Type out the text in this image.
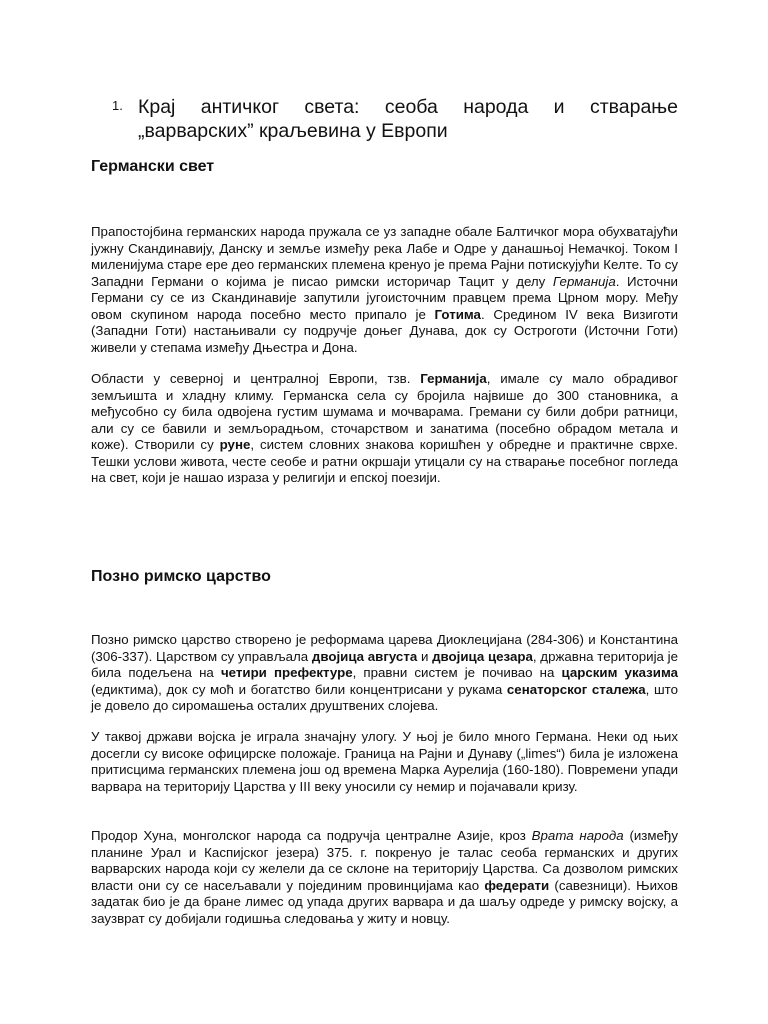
1. Крај античког света: сеоба народа и стварање „варварских” краљевина у Европи
Германски свет

Прапостојбина германских народа пружала се уз западне обале Балтичког мора обухватајући јужну Скандинавију, Данску и земље између река Лабе и Одре у данашњој Немачкој. Током I миленијума старе ере део германских племена кренуо је према Рајни потискујући Келте. То су Западни Германи о којима је писао римски историчар Тацит у делу Германија. Источни Германи су се из Скандинавије запутили југоисточним правцем према Црном мору. Међу овом скупином народа посебно место припало је Готима. Средином IV века Визиготи (Западни Готи) настањивали су подручје доњег Дунава, док су Остроготи (Источни Готи) живели у степама између Дњестра и Дона.

Области у северној и централној Европи, тзв. Германија, имале су мало обрадивог земљишта и хладну климу. Германска села су бројила највише до 300 становника, а међусобно су била одвојена густим шумама и мочварама. Гремани су били добри ратници, али су се бавили и земљорадњом, сточарством и занатима (посебно обрадом метала и коже). Створили су руне, систем словних знакова коришћен у обредне и практичне сврхе. Тешки услови живота, честе сеобе и ратни окршаји утицали су на стварање посебног погледа на свет, који је нашао израза у религији и епској поезији.

Позно римско царство

Позно римско царство створено је реформама царева Диоклецијана (284-306) и Константина (306-337). Царством су управљала двојица августа и двојица цезара, државна територија је била подељена на четири префектуре, правни систем је почивао на царским указима (едиктима), док су моћ и богатство били концентрисани у рукама сенаторског сталежа, што је довело до сиромашења осталих друштвених слојева.

У таквој држави војска је играла значајну улогу. У њој је било много Германа. Неки од њих досегли су високе официрске положаје. Граница на Рајни и Дунаву („limes“) била је изложена притисцима германских племена још од времена Марка Аурелија (160-180). Повремени упади варвара на територију Царства у III веку уносили су немир и појачавали кризу.

Продор Хуна, монголског народа са подручја централне Азије, кроз Врата народа (између планине Урал и Каспијског језера) 375. г. покренуо је талас сеоба германских и других варварских народа који су желели да се склоне на територију Царства. Са дозволом римских власти они су се насељавали у појединим провинцијама као федерати (савезници). Њихов задатак био је да бране лимес од упада других варвара и да шаљу одреде у римску војску, а заузврат су добијали годишња следовања у житу и новцу.
